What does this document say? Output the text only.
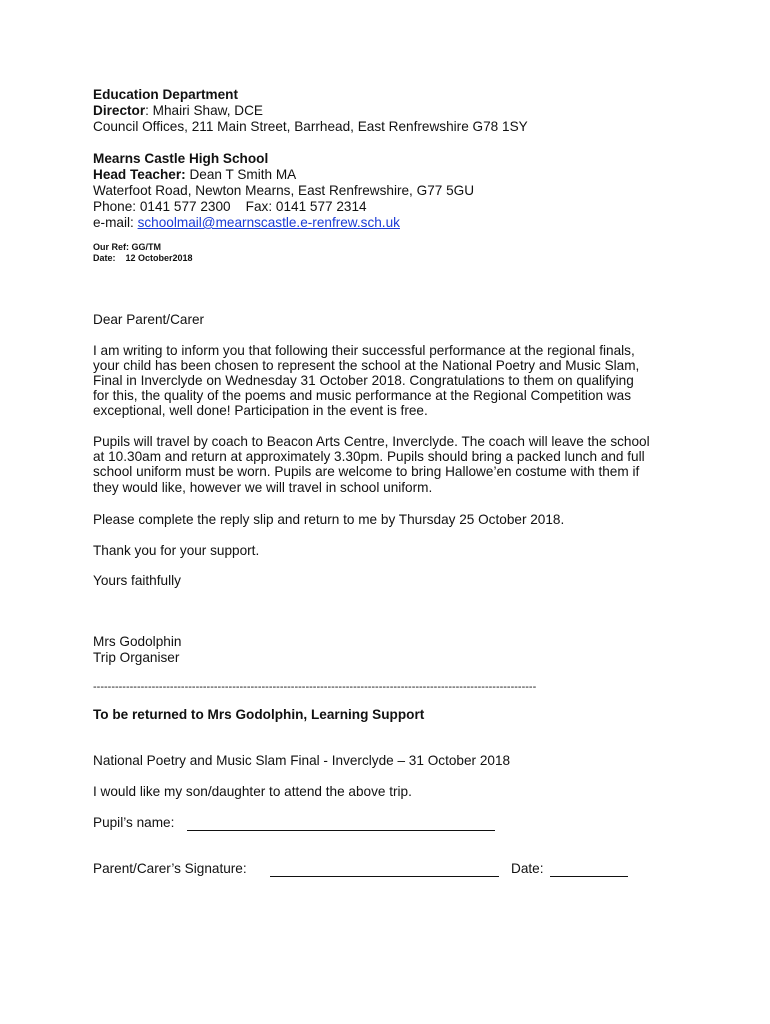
Education Department
Director: Mhairi Shaw, DCE
Council Offices, 211 Main Street, Barrhead, East Renfrewshire G78 1SY
Mearns Castle High School
Head Teacher: Dean T Smith MA
Waterfoot Road, Newton Mearns, East Renfrewshire, G77 5GU
Phone: 0141 577 2300    Fax: 0141 577 2314
e-mail: schoolmail@mearnscastle.e-renfrew.sch.uk
Our Ref: GG/TM
Date:    12 October2018
Dear Parent/Carer
I am writing to inform you that following their successful performance at the regional finals,
your child has been chosen to represent the school at the National Poetry and Music Slam,
Final in Inverclyde on Wednesday 31 October 2018. Congratulations to them on qualifying
for this, the quality of the poems and music performance at the Regional Competition was
exceptional, well done! Participation in the event is free.
Pupils will travel by coach to Beacon Arts Centre, Inverclyde. The coach will leave the school
at 10.30am and return at approximately 3.30pm. Pupils should bring a packed lunch and full
school uniform must be worn. Pupils are welcome to bring Hallowe’en costume with them if
they would like, however we will travel in school uniform.
Please complete the reply slip and return to me by Thursday 25 October 2018.
Thank you for your support.
Yours faithfully
Mrs Godolphin
Trip Organiser
-------------------------------------------------------------------------------------------------------------------------
To be returned to Mrs Godolphin, Learning Support
National Poetry and Music Slam Final - Inverclyde – 31 October 2018
I would like my son/daughter to attend the above trip.
Pupil’s name:
Parent/Carer’s Signature:	Date:
